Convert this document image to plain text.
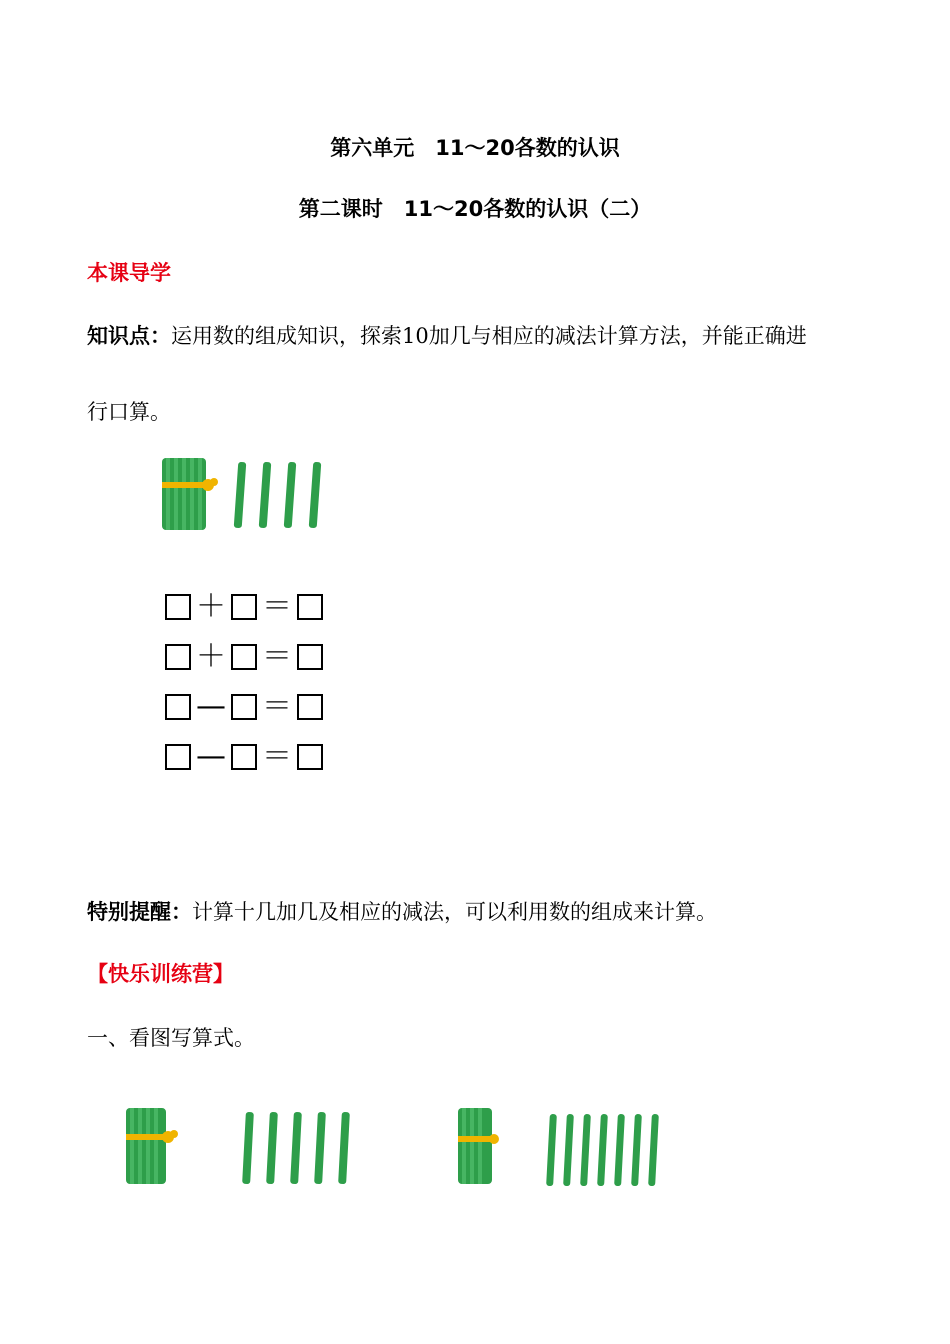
第六单元　11～20各数的认识
第二课时　11～20各数的认识（二）
本课导学
知识点：运用数的组成知识，探索10加几与相应的减法计算方法，并能正确进
行口算。
＋ ＝
＋ ＝
— ＝
— ＝
特别提醒：计算十几加几及相应的减法，可以利用数的组成来计算。
【快乐训练营】
一、看图写算式。
